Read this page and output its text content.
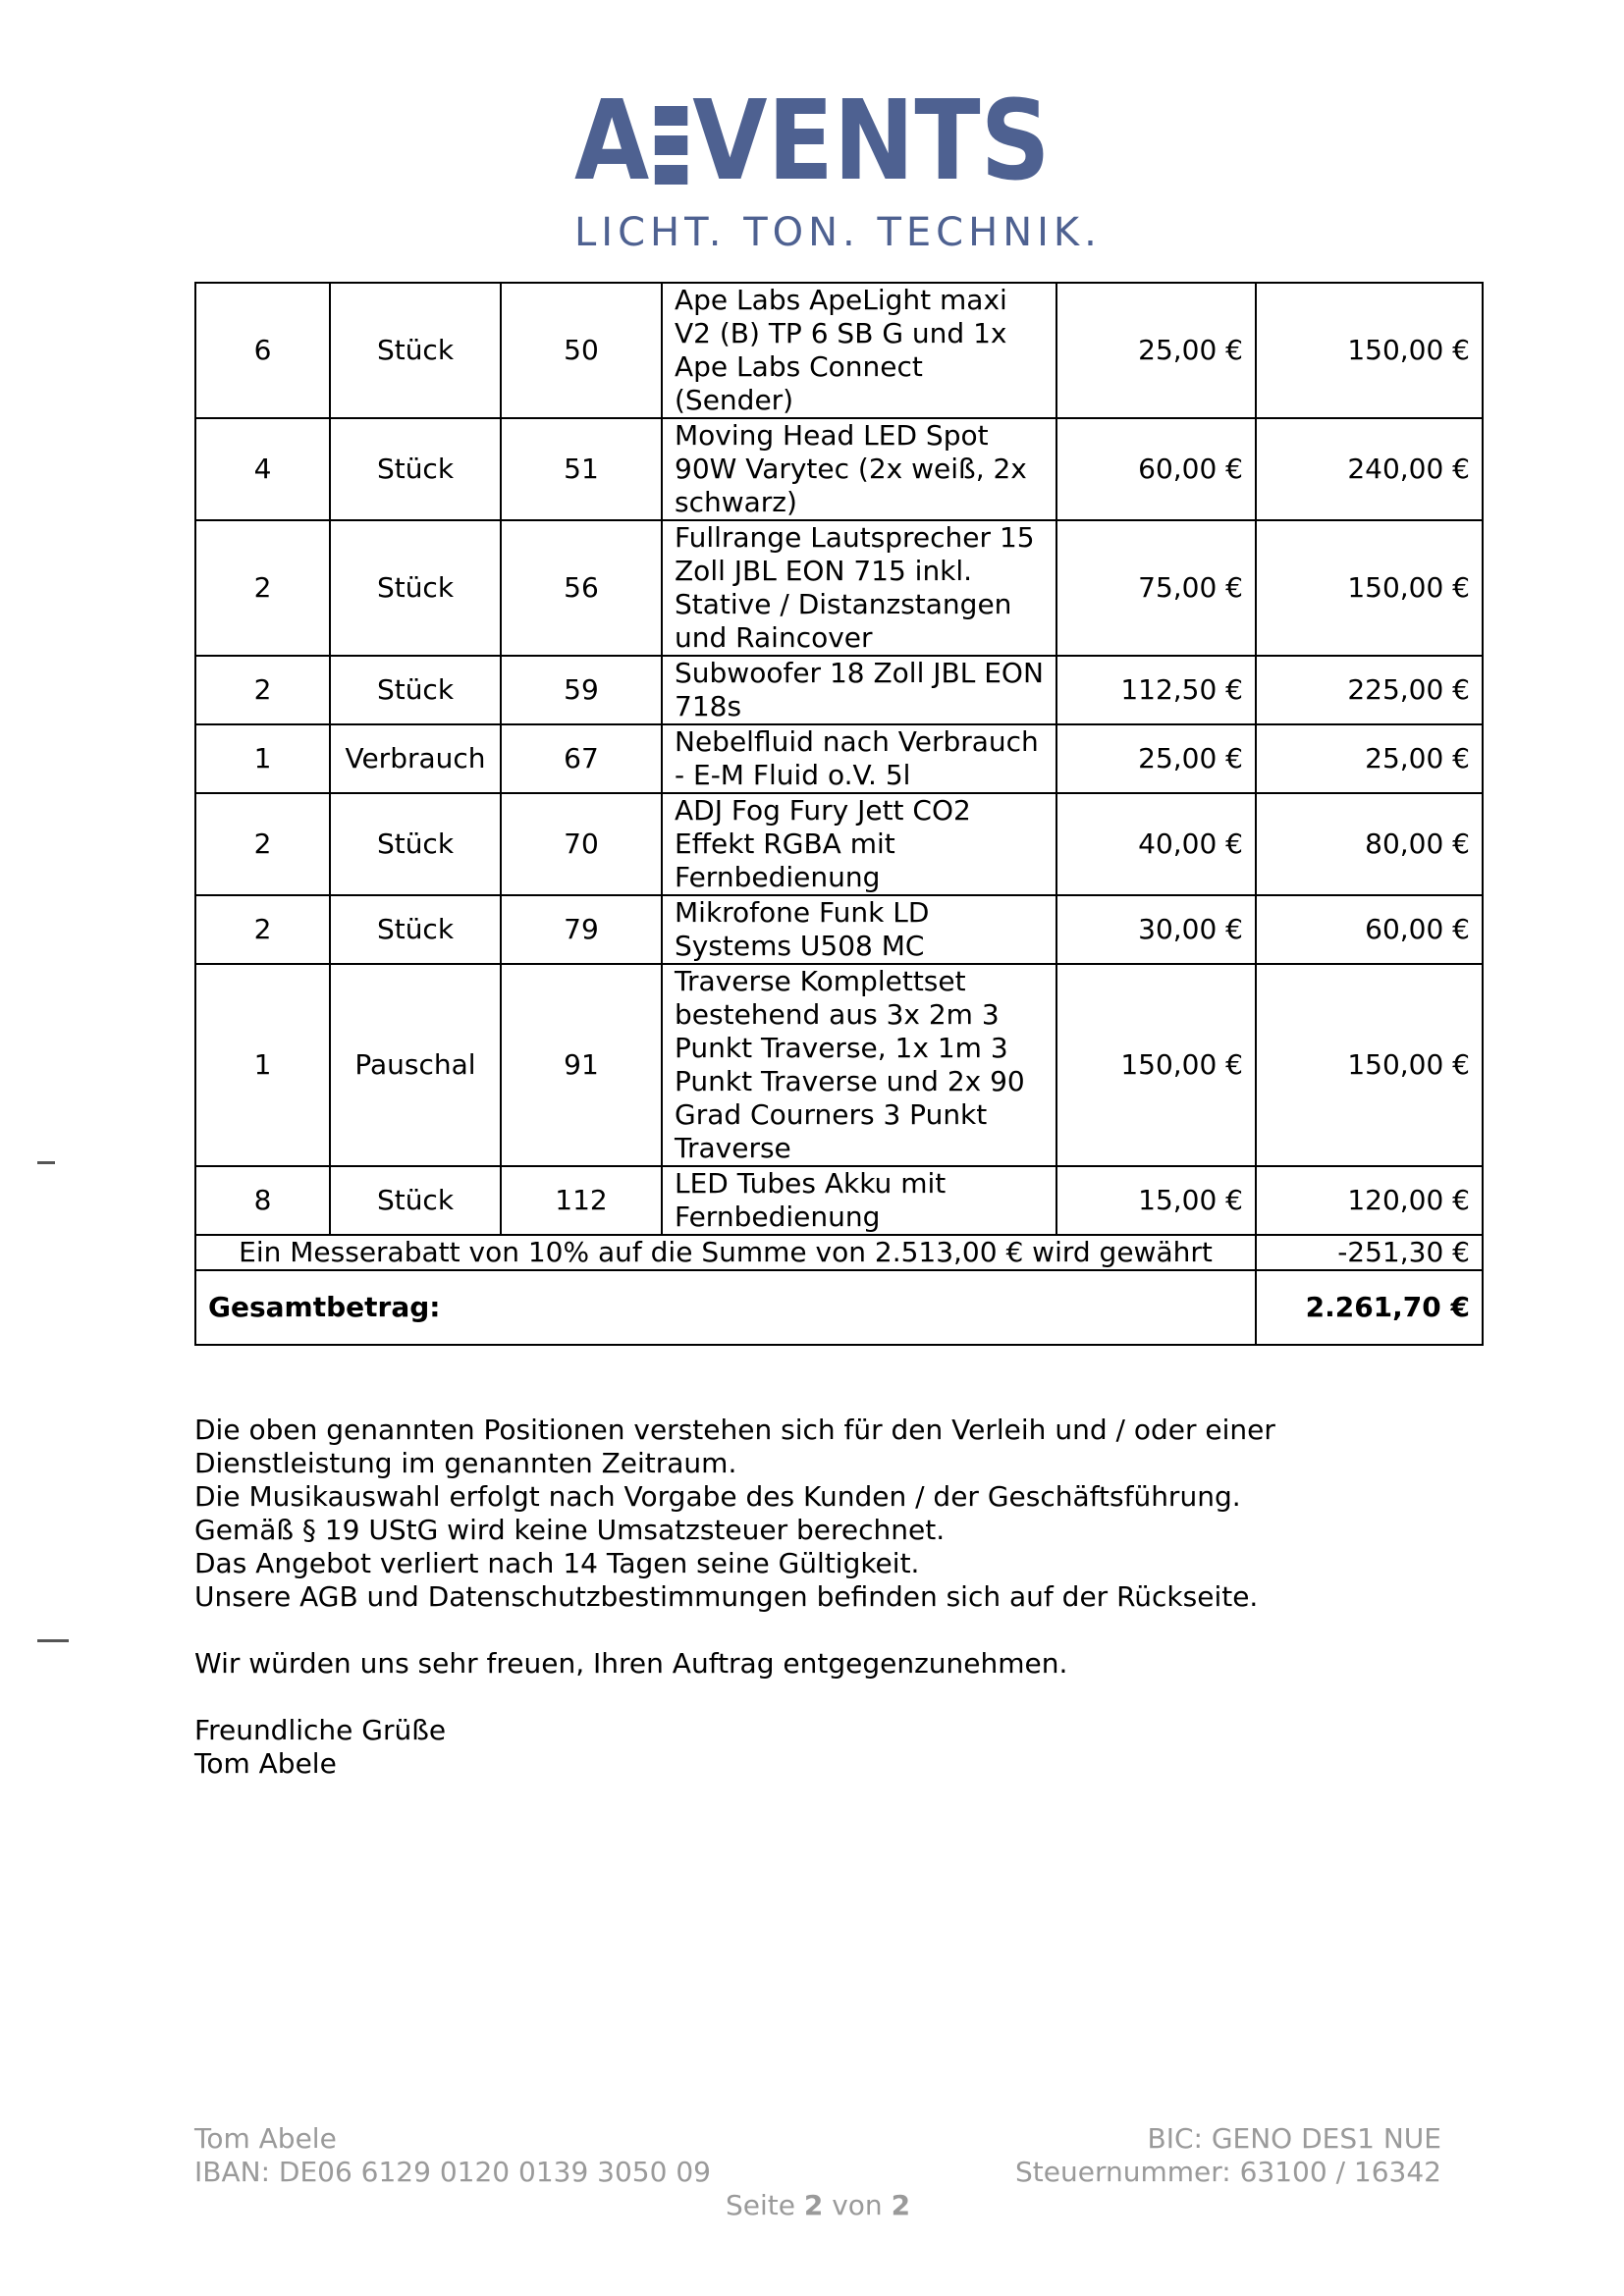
A VENTS
LICHT. TON. TECHNIK.
6	Stück	50	Ape Labs ApeLight maxi V2 (B) TP 6 SB G und 1x Ape Labs Connect (Sender)	25,00 €	150,00 €
4	Stück	51	Moving Head LED Spot 90W Varytec (2x weiß, 2x schwarz)	60,00 €	240,00 €
2	Stück	56	Fullrange Lautsprecher 15 Zoll JBL EON 715 inkl. Stative / Distanzstangen und Raincover	75,00 €	150,00 €
2	Stück	59	Subwoofer 18 Zoll JBL EON 718s	112,50 €	225,00 €
1	Verbrauch	67	Nebelfluid nach Verbrauch - E-M Fluid o.V. 5l	25,00 €	25,00 €
2	Stück	70	ADJ Fog Fury Jett CO2 Effekt RGBA mit Fernbedienung	40,00 €	80,00 €
2	Stück	79	Mikrofone Funk LD Systems U508 MC	30,00 €	60,00 €
1	Pauschal	91	Traverse Komplettset bestehend aus 3x 2m 3 Punkt Traverse, 1x 1m 3 Punkt Traverse und 2x 90 Grad Courners 3 Punkt Traverse	150,00 €	150,00 €
8	Stück	112	LED Tubes Akku mit Fernbedienung	15,00 €	120,00 €
Ein Messerabatt von 10% auf die Summe von 2.513,00 € wird gewährt					-251,30 €
Gesamtbetrag:					2.261,70 €

Die oben genannten Positionen verstehen sich für den Verleih und / oder einer

Dienstleistung im genannten Zeitraum.

Die Musikauswahl erfolgt nach Vorgabe des Kunden / der Geschäftsführung.

Gemäß § 19 UStG wird keine Umsatzsteuer berechnet.

Das Angebot verliert nach 14 Tagen seine Gültigkeit.

Unsere AGB und Datenschutzbestimmungen befinden sich auf der Rückseite.

Wir würden uns sehr freuen, Ihren Auftrag entgegenzunehmen.

Freundliche Grüße

Tom Abele

Tom Abele
IBAN: DE06 6129 0120 0139 3050 09
BIC: GENO DES1 NUE
Steuernummer: 63100 / 16342
Seite 2 von 2
